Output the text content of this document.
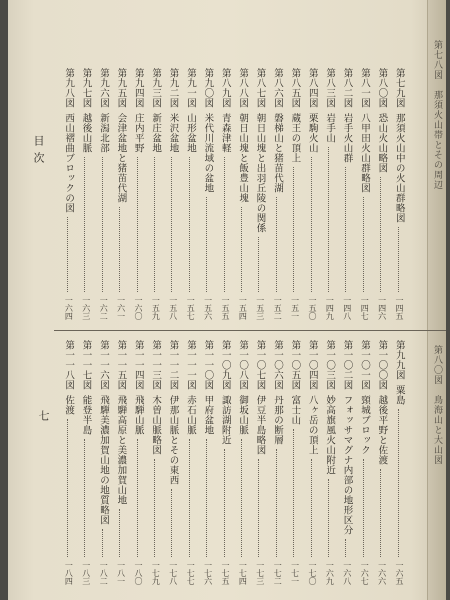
第七八図　那須火山帯とその周辺
第八〇図　鳥海山と大山図
目次
七
第七九図
那須火山中の火山群略図
一四五
第八〇図
恐山火山略図
一四六
第八一図
八甲田火山群略図
一四七
第八二図
岩手火山群
一四八
第八三図
岩手山
一四九
第八四図
栗駒火山
一五〇
第八五図
蔵王の頂上
一五一
第八六図
磐梯山と猪苗代湖
一五二
第八七図
朝日山塊と出羽丘陵の関係
一五三
第八八図
朝日山塊と飯豊山塊
一五四
第八九図
青森津軽
一五五
第九〇図
米代川流域の盆地
一五六
第九一図
山形盆地
一五七
第九二図
米沢盆地
一五八
第九三図
新庄盆地
一五九
第九四図
庄内平野
一六〇
第九五図
会津盆地と猪苗代湖
一六一
第九六図
新潟北部
一六二
第九七図
越後山脈
一六三
第九八図
西山褶曲ブロックの図
一六四
第九九図
粟島
一六五
第一〇〇図
越後平野と佐渡
一六六
第一〇一図
頸城ブロック
一六七
第一〇二図
フォッサマグナ内部の地形区分
一六八
第一〇三図
妙高旗風火山附近
一六九
第一〇四図
八ヶ岳の頂上
一七〇
第一〇五図
富士山
一七一
第一〇六図
丹那の断層
一七二
第一〇七図
伊豆半島略図
一七三
第一〇八図
御坂山脈
一七四
第一〇九図
諏訪湖附近
一七五
第一一〇図
甲府盆地
一七六
第一一一図
赤石山脈
一七七
第一一二図
伊那山脈とその東西
一七八
第一一三図
木曽山脈略図
一七九
第一一四図
飛騨山脈
一八〇
第一一五図
飛騨高原と美濃加賀山地
一八一
第一一六図
飛騨美濃加賀山地の地質略図
一八二
第一一七図
能登半島
一八三
第一一八図
佐渡
一八四
